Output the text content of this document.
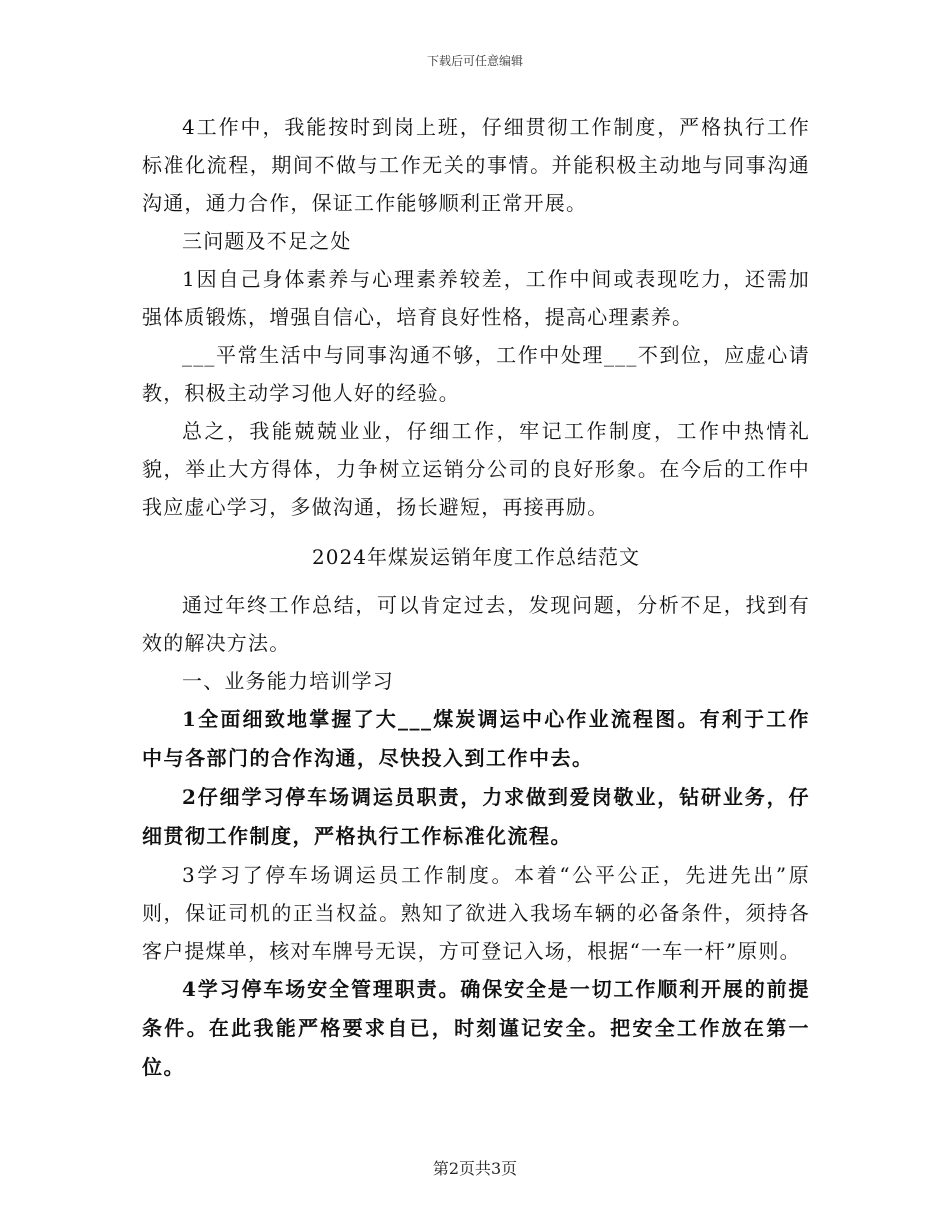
下载后可任意编辑

4工作中，我能按时到岗上班，仔细贯彻工作制度，严格执行工作标准化流程，期间不做与工作无关的事情。并能积极主动地与同事沟通沟通，通力合作，保证工作能够顺利正常开展。

三问题及不足之处

1因自己身体素养与心理素养较差，工作中间或表现吃力，还需加强体质锻炼，增强自信心，培育良好性格，提高心理素养。

___平常生活中与同事沟通不够，工作中处理___不到位，应虚心请教，积极主动学习他人好的经验。

总之，我能兢兢业业，仔细工作，牢记工作制度，工作中热情礼貌，举止大方得体，力争树立运销分公司的良好形象。在今后的工作中我应虚心学习，多做沟通，扬长避短，再接再励。

2024年煤炭运销年度工作总结范文

通过年终工作总结，可以肯定过去，发现问题，分析不足，找到有效的解决方法。

一、业务能力培训学习

1全面细致地掌握了大___煤炭调运中心作业流程图。有利于工作中与各部门的合作沟通，尽快投入到工作中去。

2仔细学习停车场调运员职责，力求做到爱岗敬业，钻研业务，仔细贯彻工作制度，严格执行工作标准化流程。

3学习了停车场调运员工作制度。本着“公平公正，先进先出”原则，保证司机的正当权益。熟知了欲进入我场车辆的必备条件，须持各客户提煤单，核对车牌号无误，方可登记入场，根据“一车一杆”原则。

4学习停车场安全管理职责。确保安全是一切工作顺利开展的前提条件。在此我能严格要求自已，时刻谨记安全。把安全工作放在第一位。

第2页共3页
